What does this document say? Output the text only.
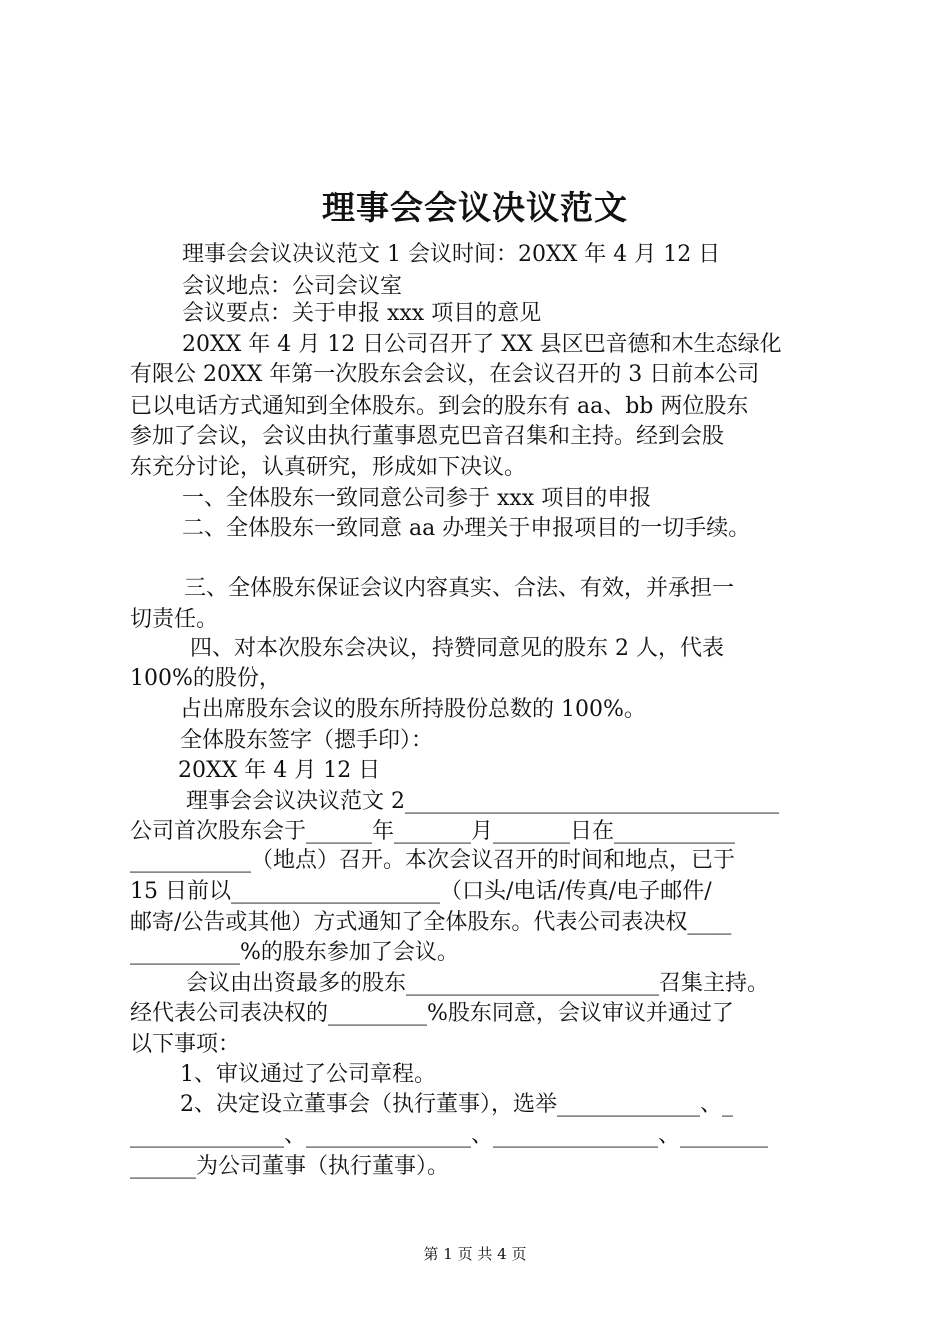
理事会会议决议范文
理事会会议决议范文 1 会议时间：20XX 年 4 月 12 日
会议地点：公司会议室
会议要点：关于申报 xxx 项目的意见
20XX 年 4 月 12 日公司召开了 XX 县区巴音德和木生态绿化
有限公 20XX 年第一次股东会会议，在会议召开的 3 日前本公司
已以电话方式通知到全体股东。到会的股东有 aa、bb 两位股东
参加了会议，会议由执行董事恩克巴音召集和主持。经到会股
东充分讨论，认真研究，形成如下决议。
一、全体股东一致同意公司参于 xxx 项目的申报
二、全体股东一致同意 aa 办理关于申报项目的一切手续。
三、全体股东保证会议内容真实、合法、有效，并承担一
切责任。
四、对本次股东会决议，持赞同意见的股东 2 人，代表
100%的股份，
占出席股东会议的股东所持股份总数的 100%。
全体股东签字（摁手印）：
20XX 年 4 月 12 日
理事会会议决议范文 2__________________________________
公司首次股东会于______年_______月_______日在___________
___________（地点）召开。本次会议召开的时间和地点，已于
15 日前以___________________（口头/电话/传真/电子邮件/
邮寄/公告或其他）方式通知了全体股东。代表公司表决权____
__________%的股东参加了会议。
会议由出资最多的股东_______________________召集主持。
经代表公司表决权的_________%股东同意，会议审议并通过了
以下事项：
1、审议通过了公司章程。
2、决定设立董事会（执行董事），选举_____________、_
______________、_______________、_______________、________
______为公司董事（执行董事）。
第 1 页 共 4 页
